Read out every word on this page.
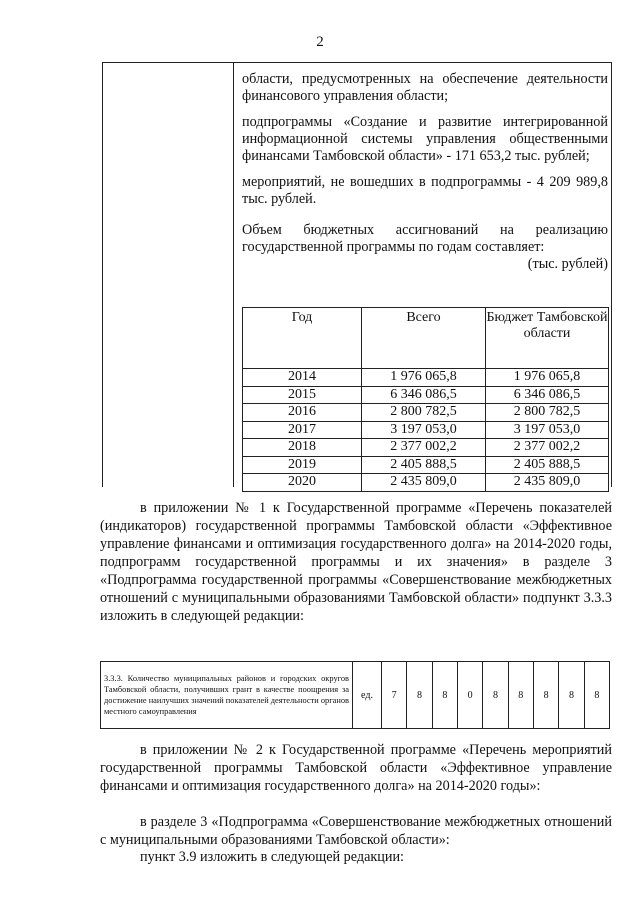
2

области, предусмотренных на обеспечение деятельности финансового управления области;

подпрограммы «Создание и развитие интегрированной информационной системы управления общественными финансами Тамбовской области» - 171 653,2 тыс. рублей;

мероприятий, не вошедших в подпрограммы - 4 209 989,8 тыс. рублей.

Объем бюджетных ассигнований на реализацию государственной программы по годам составляет:

(тыс. рублей)
Год	Всего	Бюджет Тамбовской области
2014	1 976 065,8	1 976 065,8
2015	6 346 086,5	6 346 086,5
2016	2 800 782,5	2 800 782,5
2017	3 197 053,0	3 197 053,0
2018	2 377 002,2	2 377 002,2
2019	2 405 888,5	2 405 888,5
2020	2 435 809,0	2 435 809,0

в приложении № 1 к Государственной программе «Перечень показателей (индикаторов) государственной программы Тамбовской области «Эффективное управление финансами и оптимизация государственного долга» на 2014-2020 годы, подпрограмм государственной программы и их значения» в разделе 3 «Подпрограмма государственной программы «Совершенствование межбюджетных отношений с муниципальными образованиями Тамбовской области» подпункт 3.3.3 изложить в следующей редакции:

3.3.3. Количество муниципальных районов и городских округов Тамбовской области, получивших грант в качестве поощрения за достижение наилучших значений показателей деятельности органов местного самоуправления	ед.	7	8	8	0	8	8	8	8	8

в приложении № 2 к Государственной программе «Перечень мероприятий государственной программы Тамбовской области «Эффективное управление финансами и оптимизация государственного долга» на 2014-2020 годы»:

в разделе 3 «Подпрограмма «Совершенствование межбюджетных отношений с муниципальными образованиями Тамбовской области»:

пункт 3.9 изложить в следующей редакции:
